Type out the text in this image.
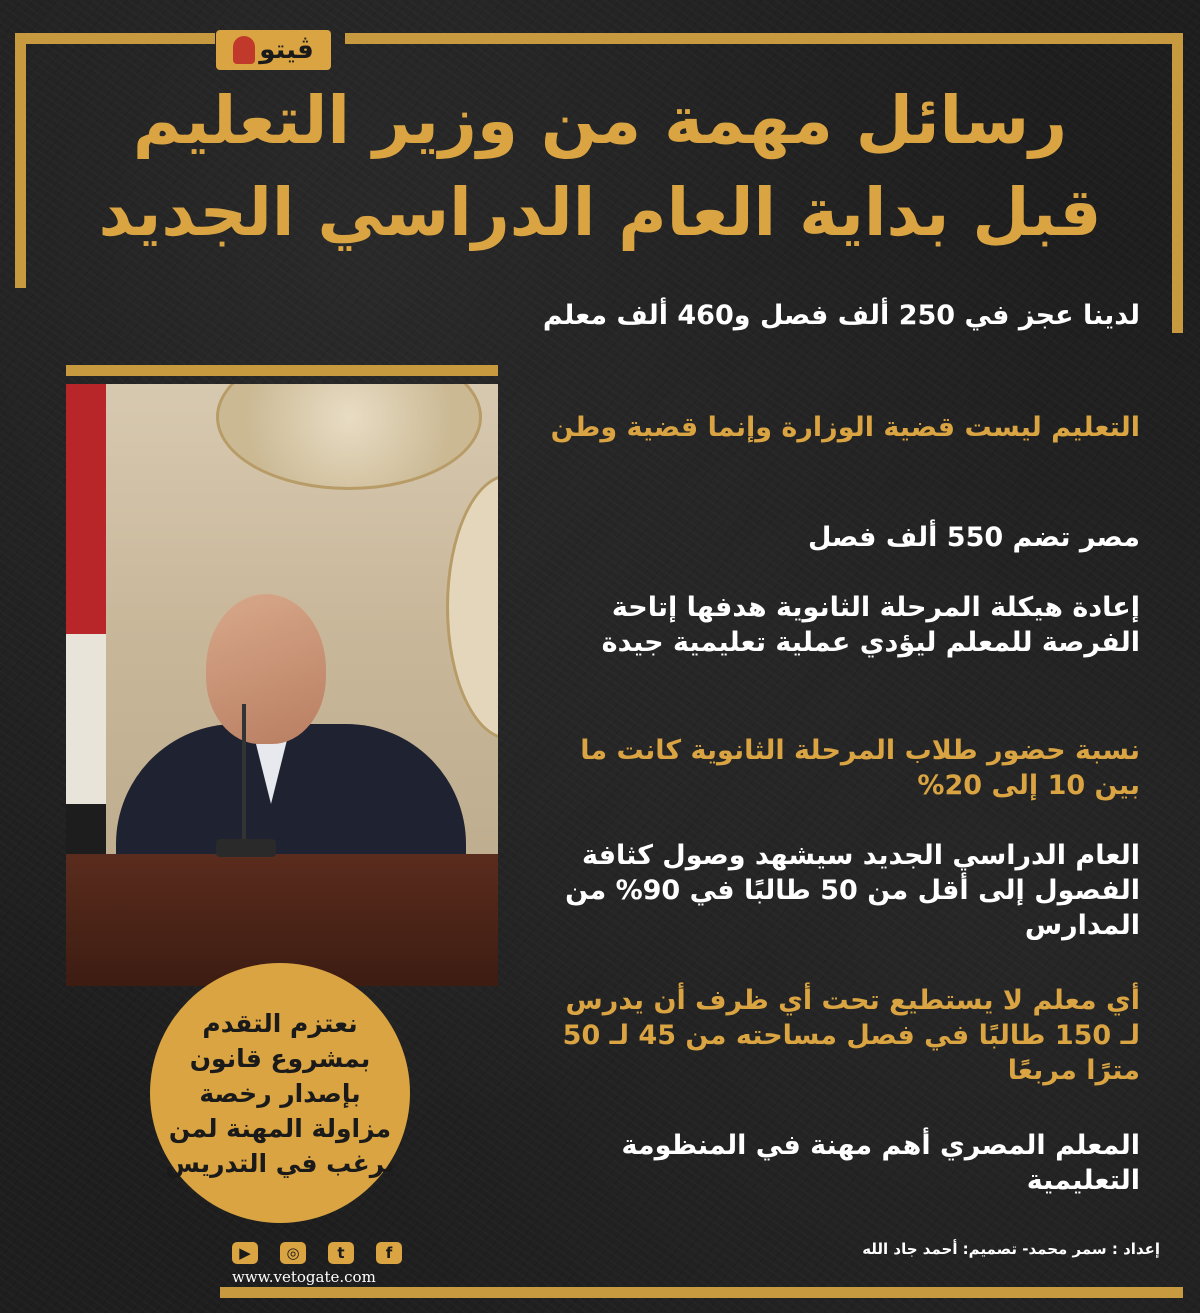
ڤيتو
رسائل مهمة من وزير التعليم
قبل بداية العام الدراسي الجديد
نعتزم التقدم بمشروع قانون بإصدار رخصة مزاولة المهنة لمن يرغب في التدريس

لدينا عجز في 250 ألف فصل و460 ألف معلم

التعليم ليست قضية الوزارة وإنما قضية وطن

مصر تضم 550 ألف فصل

إعادة هيكلة المرحلة الثانوية هدفها إتاحة الفرصة للمعلم ليؤدي عملية تعليمية جيدة

نسبة حضور طلاب المرحلة الثانوية كانت ما بين 10 إلى 20%

العام الدراسي الجديد سيشهد وصول كثافة الفصول إلى أقل من 50 طالبًا في 90% من المدارس

أي معلم لا يستطيع تحت أي ظرف أن يدرس لـ 150 طالبًا في فصل مساحته من 45 لـ 50 مترًا مربعًا

المعلم المصري أهم مهنة في المنظومة التعليمية

إعداد : سمر محمد- تصميم: أحمد جاد الله
▶	◎	t	f
www.vetogate.com
